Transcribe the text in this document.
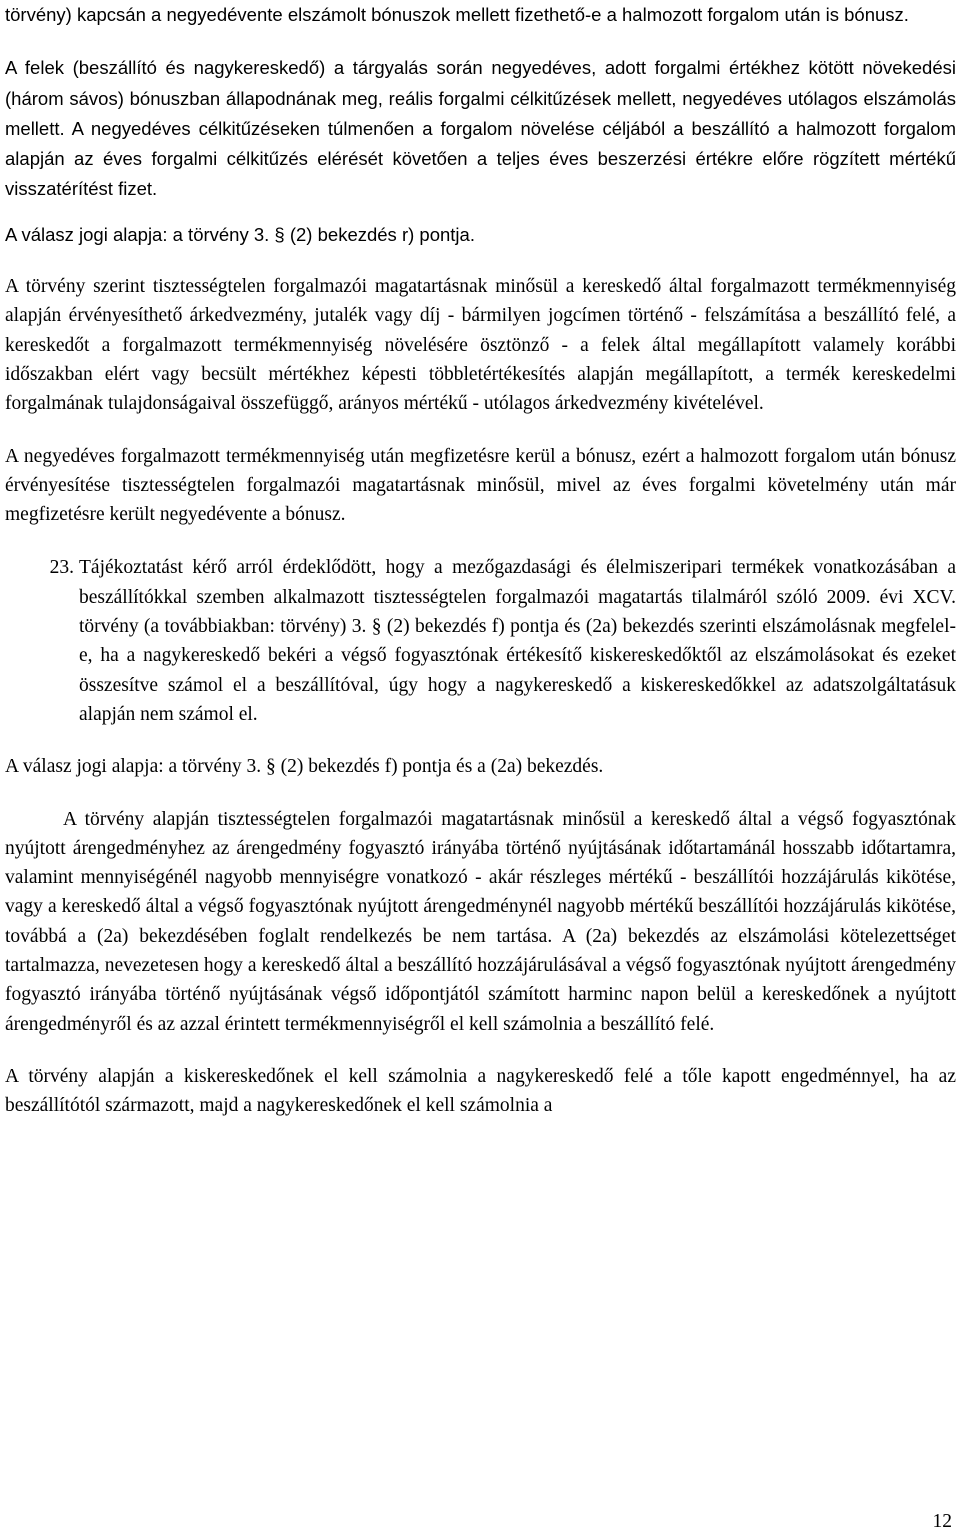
törvény) kapcsán a negyedévente elszámolt bónuszok mellett fizethető-e a halmozott forgalom után is bónusz.

A felek (beszállító és nagykereskedő) a tárgyalás során negyedéves, adott forgalmi értékhez kötött növekedési (három sávos) bónuszban állapodnának meg, reális forgalmi célkitűzések mellett, negyedéves utólagos elszámolás mellett. A negyedéves célkitűzéseken túlmenően a forgalom növelése céljából a beszállító a halmozott forgalom alapján az éves forgalmi célkitűzés elérését követően a teljes éves beszerzési értékre előre rögzített mértékű visszatérítést fizet.

A válasz jogi alapja: a törvény 3. § (2) bekezdés r) pontja.

A törvény szerint tisztességtelen forgalmazói magatartásnak minősül a kereskedő által forgalmazott termékmennyiség alapján érvényesíthető árkedvezmény, jutalék vagy díj - bármilyen jogcímen történő - felszámítása a beszállító felé, a kereskedőt a forgalmazott termékmennyiség növelésére ösztönző - a felek által megállapított valamely korábbi időszakban elért vagy becsült mértékhez képesti többletértékesítés alapján megállapított, a termék kereskedelmi forgalmának tulajdonságaival összefüggő, arányos mértékű - utólagos árkedvezmény kivételével.

A negyedéves forgalmazott termékmennyiség után megfizetésre kerül a bónusz, ezért a halmozott forgalom után bónusz érvényesítése tisztességtelen forgalmazói magatartásnak minősül, mivel az éves forgalmi követelmény után már megfizetésre került negyedévente a bónusz.

23. Tájékoztatást kérő arról érdeklődött, hogy a mezőgazdasági és élelmiszeripari termékek vonatkozásában a beszállítókkal szemben alkalmazott tisztességtelen forgalmazói magatartás tilalmáról szóló 2009. évi XCV. törvény (a továbbiakban: törvény) 3. § (2) bekezdés f) pontja és (2a) bekezdés szerinti elszámolásnak megfelel-e, ha a nagykereskedő bekéri a végső fogyasztónak értékesítő kiskereskedőktől az elszámolásokat és ezeket összesítve számol el a beszállítóval, úgy hogy a nagykereskedő a kiskereskedőkkel az adatszolgáltatásuk alapján nem számol el.

A válasz jogi alapja: a törvény 3. § (2) bekezdés f) pontja és a (2a) bekezdés.

A törvény alapján tisztességtelen forgalmazói magatartásnak minősül a kereskedő által a végső fogyasztónak nyújtott árengedményhez az árengedmény fogyasztó irányába történő nyújtásának időtartamánál hosszabb időtartamra, valamint mennyiségénél nagyobb mennyiségre vonatkozó - akár részleges mértékű - beszállítói hozzájárulás kikötése, vagy a kereskedő által a végső fogyasztónak nyújtott árengedménynél nagyobb mértékű beszállítói hozzájárulás kikötése, továbbá a (2a) bekezdésében foglalt rendelkezés be nem tartása. A (2a) bekezdés az elszámolási kötelezettséget tartalmazza, nevezetesen hogy a kereskedő által a beszállító hozzájárulásával a végső fogyasztónak nyújtott árengedmény fogyasztó irányába történő nyújtásának végső időpontjától számított harminc napon belül a kereskedőnek a nyújtott árengedményről és az azzal érintett termékmennyiségről el kell számolnia a beszállító felé.

A törvény alapján a kiskereskedőnek el kell számolnia a nagykereskedő felé a tőle kapott engedménnyel, ha az beszállítótól származott, majd a nagykereskedőnek el kell számolnia a

12
